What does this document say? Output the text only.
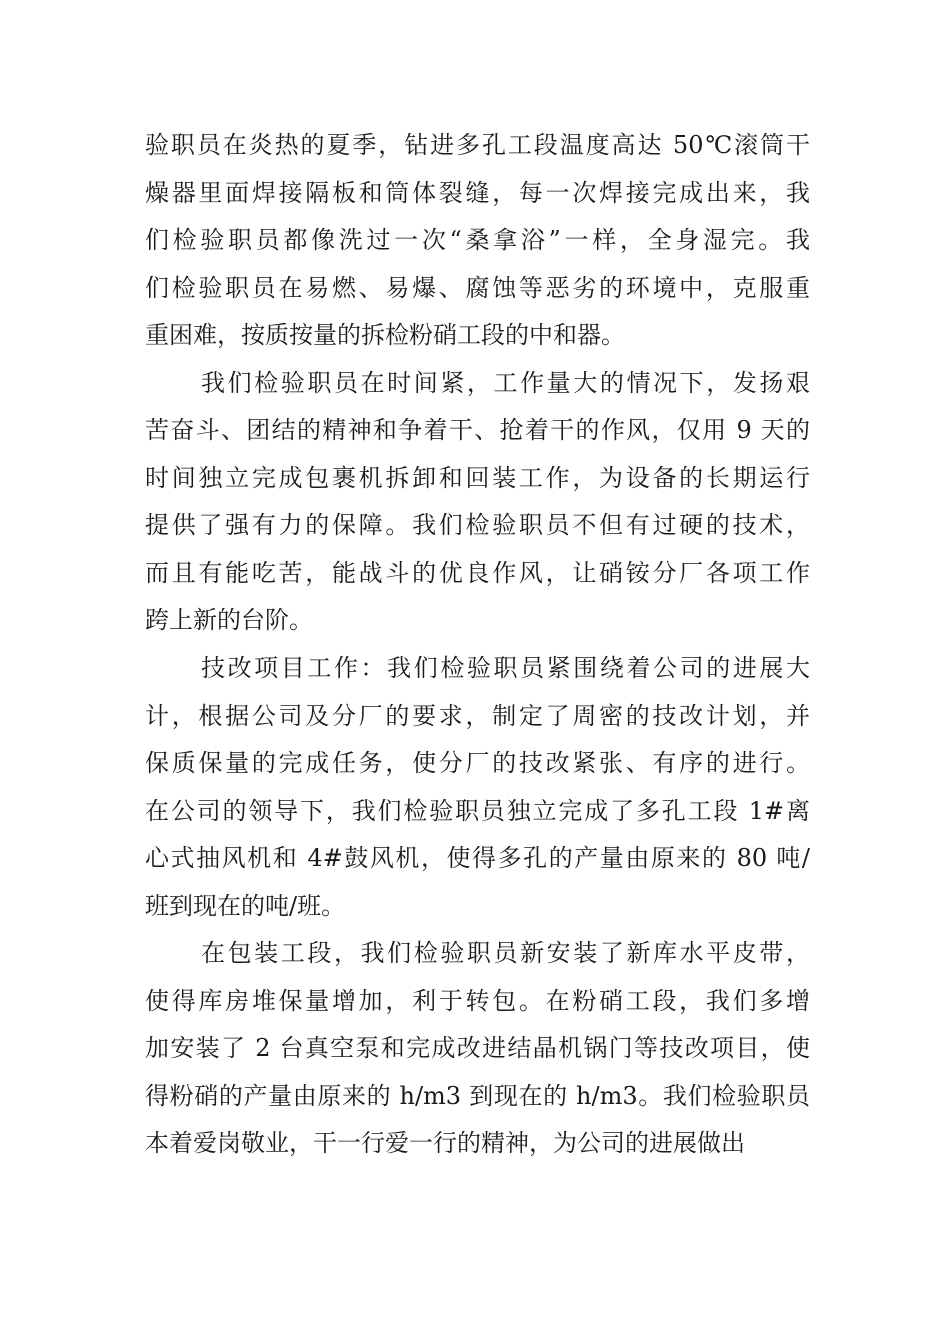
验职员在炎热的夏季，钻进多孔工段温度高达 50℃滚筒干
燥器里面焊接隔板和筒体裂缝，每一次焊接完成出来，我
们检验职员都像洗过一次“桑拿浴”一样，全身湿完。我
们检验职员在易燃、易爆、腐蚀等恶劣的环境中，克服重
重困难，按质按量的拆检粉硝工段的中和器。
我们检验职员在时间紧，工作量大的情况下，发扬艰
苦奋斗、团结的精神和争着干、抢着干的作风，仅用 9 天的
时间独立完成包裹机拆卸和回装工作，为设备的长期运行
提供了强有力的保障。我们检验职员不但有过硬的技术，
而且有能吃苦，能战斗的优良作风，让硝铵分厂各项工作
跨上新的台阶。
技改项目工作：我们检验职员紧围绕着公司的进展大
计，根据公司及分厂的要求，制定了周密的技改计划，并
保质保量的完成任务，使分厂的技改紧张、有序的进行。
在公司的领导下，我们检验职员独立完成了多孔工段 1#离
心式抽风机和 4#鼓风机，使得多孔的产量由原来的 80 吨/
班到现在的吨/班。
在包装工段，我们检验职员新安装了新库水平皮带，
使得库房堆保量增加，利于转包。在粉硝工段，我们多增
加安装了 2 台真空泵和完成改进结晶机锅门等技改项目，使
得粉硝的产量由原来的 h/m3 到现在的 h/m3。我们检验职员
本着爱岗敬业，干一行爱一行的精神，为公司的进展做出
